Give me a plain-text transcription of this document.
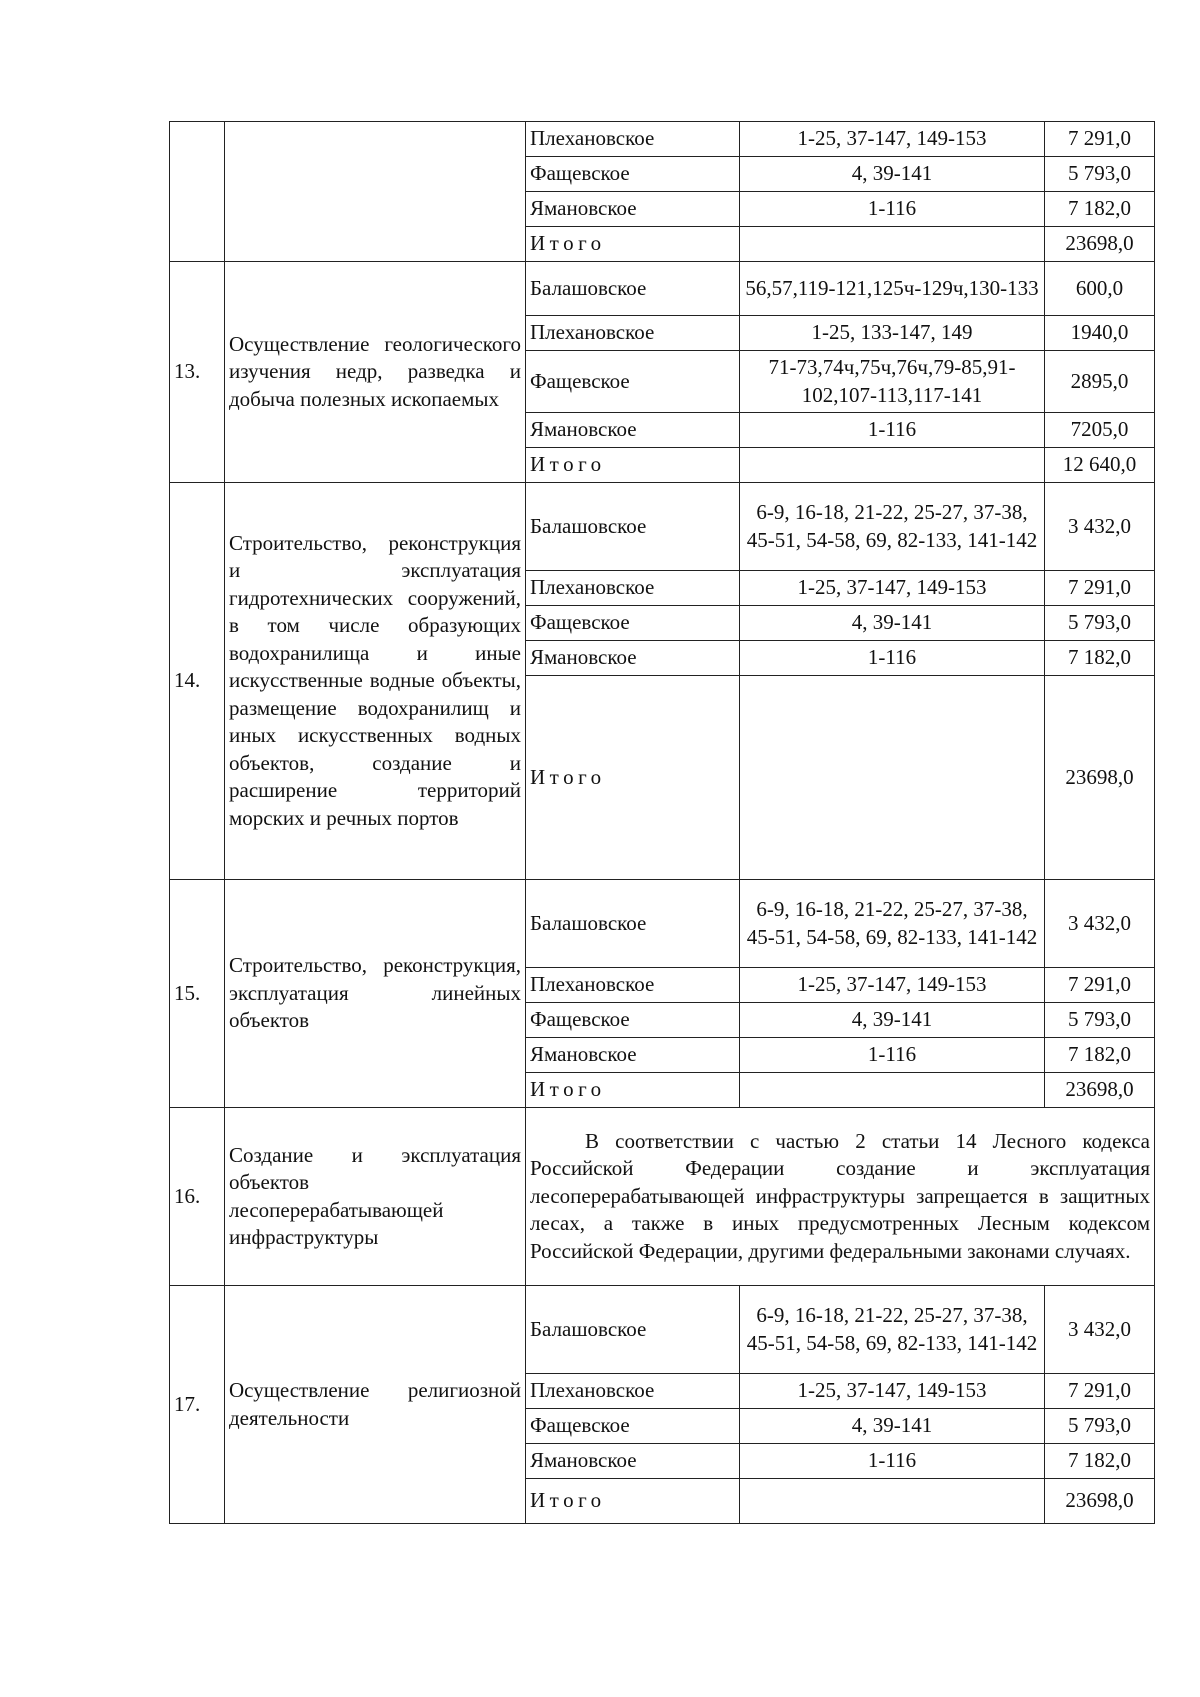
		Плехановское	1-25, 37-147, 149-153	7 291,0
		Фащевское	4, 39-141	5 793,0
		Ямановское	1-116	7 182,0
		Итого		23698,0
13.	Осуществление геологического изучения недр, разведка и добыча полезных ископаемых	Балашовское	56,57,119-121,125ч-129ч,130-133	600,0
		Плехановское	1-25, 133-147, 149	1940,0
		Фащевское	71-73,74ч,75ч,76ч,79-85,91-102,107-113,117-141	2895,0
		Ямановское	1-116	7205,0
		Итого		12 640,0
14.	Строительство, реконструкция и эксплуатация гидротехнических сооружений, в том числе образующих водохранилища и иные искусственные водные объекты, размещение водохранилищ и иных искусственных водных объектов, создание и расширение территорий морских и речных портов	Балашовское	6-9, 16-18, 21-22, 25-27, 37-38, 45-51, 54-58, 69, 82-133, 141-142	3 432,0
		Плехановское	1-25, 37-147, 149-153	7 291,0
		Фащевское	4, 39-141	5 793,0
		Ямановское	1-116	7 182,0
		Итого		23698,0
15.	Строительство, реконструкция, эксплуатация линейных объектов	Балашовское	6-9, 16-18, 21-22, 25-27, 37-38, 45-51, 54-58, 69, 82-133, 141-142	3 432,0
		Плехановское	1-25, 37-147, 149-153	7 291,0
		Фащевское	4, 39-141	5 793,0
		Ямановское	1-116	7 182,0
		Итого		23698,0
16.	Создание и эксплуатация объектов лесоперерабатывающей инфраструктуры	В соответствии с частью 2 статьи 14 Лесного кодекса Российской Федерации создание и эксплуатация лесоперерабатывающей инфраструктуры запрещается в защитных лесах, а также в иных предусмотренных Лесным кодексом Российской Федерации, другими федеральными законами случаях.		

17.	Осуществление религиозной деятельности	Балашовское	6-9, 16-18, 21-22, 25-27, 37-38, 45-51, 54-58, 69, 82-133, 141-142	3 432,0
		Плехановское	1-25, 37-147, 149-153	7 291,0
		Фащевское	4, 39-141	5 793,0
		Ямановское	1-116	7 182,0
		Итого		23698,0
